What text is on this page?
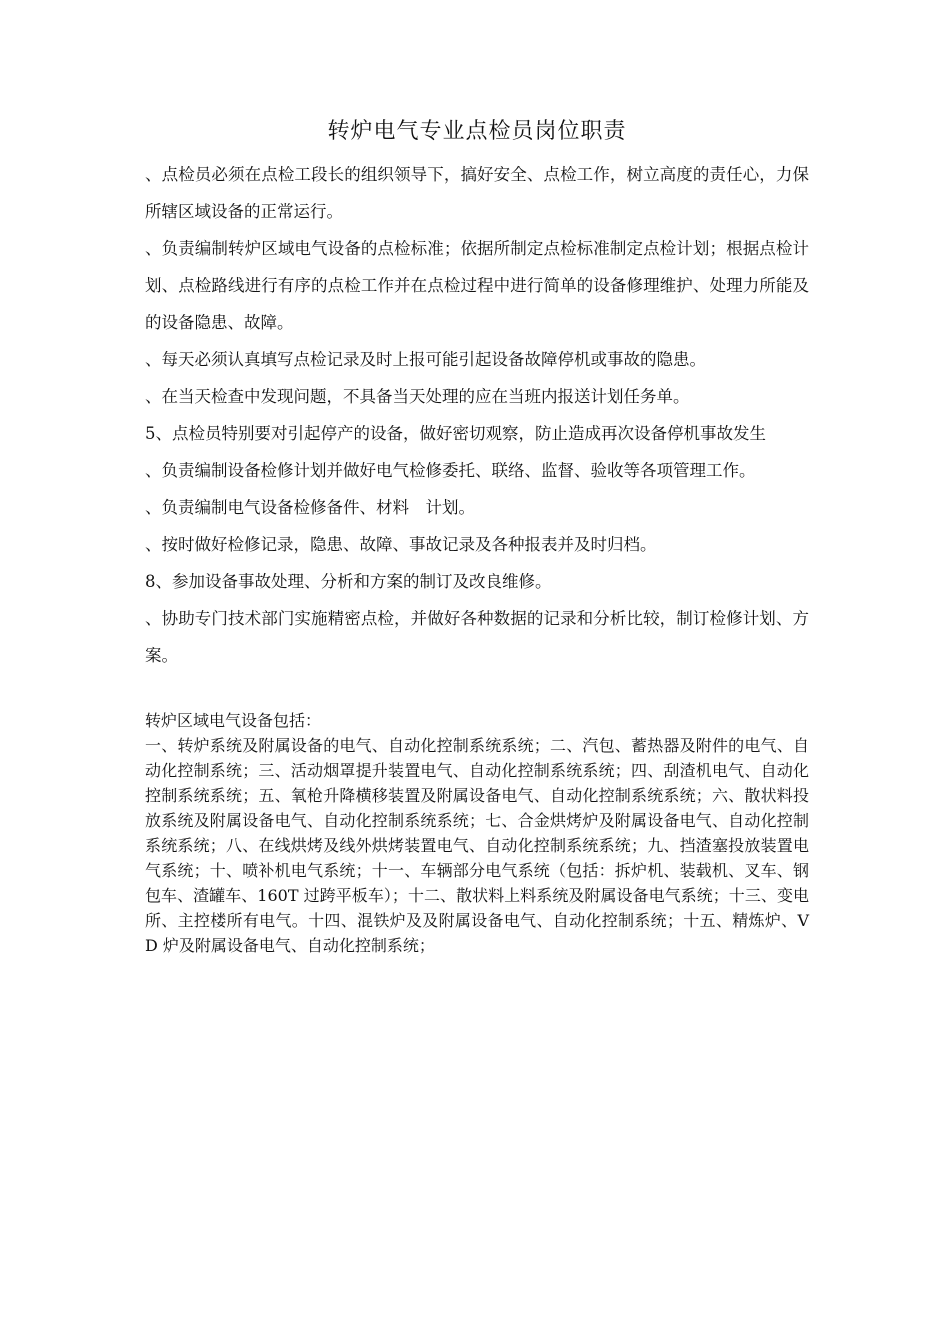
转炉电气专业点检员岗位职责
、点检员必须在点检工段长的组织领导下，搞好安全、点检工作，树立高度的责任心，力保所辖区域设备的正常运行。
、负责编制转炉区域电气设备的点检标准；依据所制定点检标准制定点检计划；根据点检计划、点检路线进行有序的点检工作并在点检过程中进行简单的设备修理维护、处理力所能及的设备隐患、故障。
、每天必须认真填写点检记录及时上报可能引起设备故障停机或事故的隐患。
、在当天检查中发现问题，不具备当天处理的应在当班内报送计划任务单。
5、点检员特别要对引起停产的设备，做好密切观察，防止造成再次设备停机事故发生
、负责编制设备检修计划并做好电气检修委托、联络、监督、验收等各项管理工作。
、负责编制电气设备检修备件、材料　计划。
、按时做好检修记录，隐患、故障、事故记录及各种报表并及时归档。
8、参加设备事故处理、分析和方案的制订及改良维修。
、协助专门技术部门实施精密点检，并做好各种数据的记录和分析比较，制订检修计划、方案。
转炉区域电气设备包括：
一、转炉系统及附属设备的电气、自动化控制系统系统；二、汽包、蓄热器及附件的电气、自动化控制系统；三、活动烟罩提升装置电气、自动化控制系统系统；四、刮渣机电气、自动化控制系统系统；五、氧枪升降横移装置及附属设备电气、自动化控制系统系统；六、散状料投放系统及附属设备电气、自动化控制系统系统；七、合金烘烤炉及附属设备电气、自动化控制系统系统；八、在线烘烤及线外烘烤装置电气、自动化控制系统系统；九、挡渣塞投放装置电气系统；十、喷补机电气系统；十一、车辆部分电气系统（包括：拆炉机、装载机、叉车、钢包车、渣罐车、160T 过跨平板车）；十二、散状料上料系统及附属设备电气系统；十三、变电所、主控楼所有电气。十四、混铁炉及及附属设备电气、自动化控制系统；十五、精炼炉、VD 炉及附属设备电气、自动化控制系统；
